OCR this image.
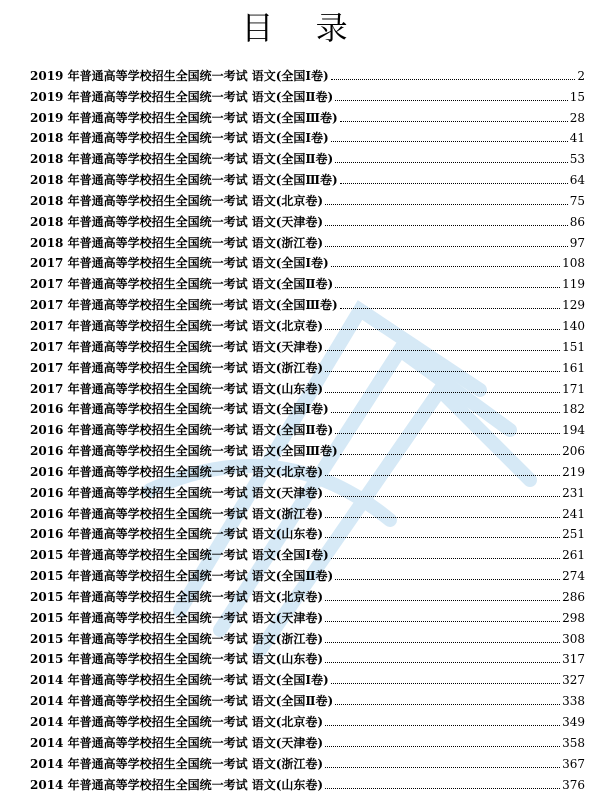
目 录
2019 年普通高等学校招生全国统一考试 语文(全国Ⅰ卷)	2
2019 年普通高等学校招生全国统一考试 语文(全国Ⅱ卷)	15
2019 年普通高等学校招生全国统一考试 语文(全国Ⅲ卷)	28
2018 年普通高等学校招生全国统一考试 语文(全国Ⅰ卷)	41
2018 年普通高等学校招生全国统一考试 语文(全国Ⅱ卷)	53
2018 年普通高等学校招生全国统一考试 语文(全国Ⅲ卷)	64
2018 年普通高等学校招生全国统一考试 语文(北京卷)	75
2018 年普通高等学校招生全国统一考试 语文(天津卷)	86
2018 年普通高等学校招生全国统一考试 语文(浙江卷)	97
2017 年普通高等学校招生全国统一考试 语文(全国Ⅰ卷)	108
2017 年普通高等学校招生全国统一考试 语文(全国Ⅱ卷)	119
2017 年普通高等学校招生全国统一考试 语文(全国Ⅲ卷)	129
2017 年普通高等学校招生全国统一考试 语文(北京卷)	140
2017 年普通高等学校招生全国统一考试 语文(天津卷)	151
2017 年普通高等学校招生全国统一考试 语文(浙江卷)	161
2017 年普通高等学校招生全国统一考试 语文(山东卷)	171
2016 年普通高等学校招生全国统一考试 语文(全国Ⅰ卷)	182
2016 年普通高等学校招生全国统一考试 语文(全国Ⅱ卷)	194
2016 年普通高等学校招生全国统一考试 语文(全国Ⅲ卷)	206
2016 年普通高等学校招生全国统一考试 语文(北京卷)	219
2016 年普通高等学校招生全国统一考试 语文(天津卷)	231
2016 年普通高等学校招生全国统一考试 语文(浙江卷)	241
2016 年普通高等学校招生全国统一考试 语文(山东卷)	251
2015 年普通高等学校招生全国统一考试 语文(全国Ⅰ卷)	261
2015 年普通高等学校招生全国统一考试 语文(全国Ⅱ卷)	274
2015 年普通高等学校招生全国统一考试 语文(北京卷)	286
2015 年普通高等学校招生全国统一考试 语文(天津卷)	298
2015 年普通高等学校招生全国统一考试 语文(浙江卷)	308
2015 年普通高等学校招生全国统一考试 语文(山东卷)	317
2014 年普通高等学校招生全国统一考试 语文(全国Ⅰ卷)	327
2014 年普通高等学校招生全国统一考试 语文(全国Ⅱ卷)	338
2014 年普通高等学校招生全国统一考试 语文(北京卷)	349
2014 年普通高等学校招生全国统一考试 语文(天津卷)	358
2014 年普通高等学校招生全国统一考试 语文(浙江卷)	367
2014 年普通高等学校招生全国统一考试 语文(山东卷)	376
